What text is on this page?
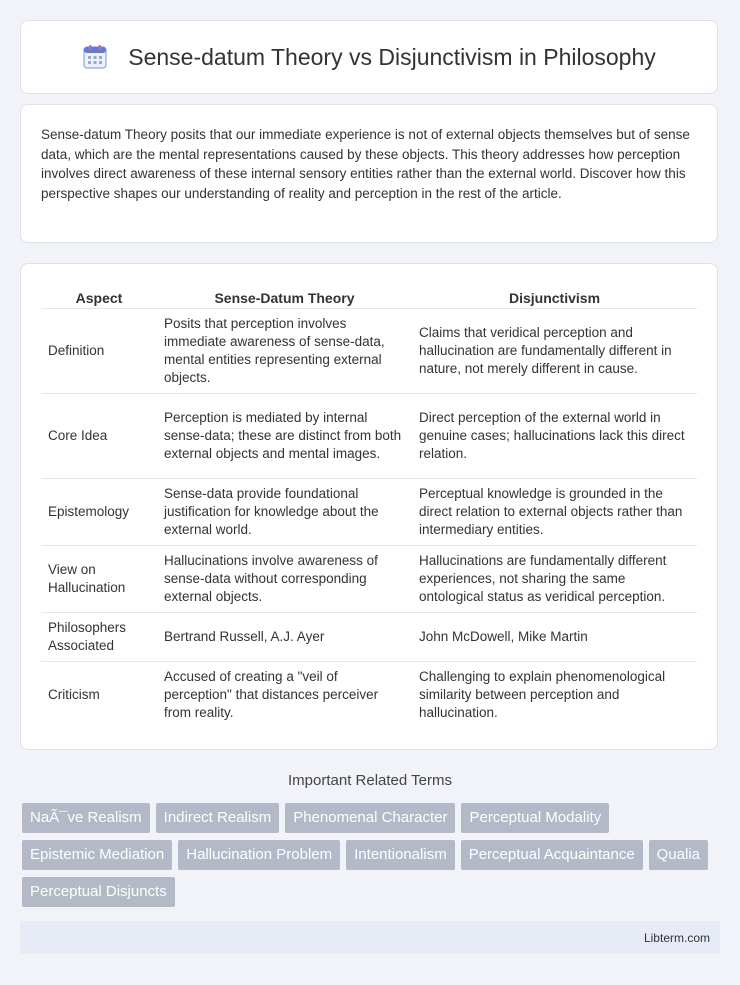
Sense-datum Theory vs Disjunctivism in Philosophy

Sense-datum Theory posits that our immediate experience is not of external objects themselves but of sense data, which are the mental representations caused by these objects. This theory addresses how perception involves direct awareness of these internal sensory entities rather than the external world. Discover how this perspective shapes our understanding of reality and perception in the rest of the article.

Aspect	Sense-Datum Theory	Disjunctivism
Definition	Posits that perception involves immediate awareness of sense-data, mental entities representing external objects.	Claims that veridical perception and hallucination are fundamentally different in nature, not merely different in cause.
Core Idea	Perception is mediated by internal sense-data; these are distinct from both external objects and mental images.	Direct perception of the external world in genuine cases; hallucinations lack this direct relation.
Epistemology	Sense-data provide foundational justification for knowledge about the external world.	Perceptual knowledge is grounded in the direct relation to external objects rather than intermediary entities.
View on Hallucination	Hallucinations involve awareness of sense-data without corresponding external objects.	Hallucinations are fundamentally different experiences, not sharing the same ontological status as veridical perception.
Philosophers Associated	Bertrand Russell, A.J. Ayer	John McDowell, Mike Martin
Criticism	Accused of creating a "veil of perception" that distances perceiver from reality.	Challenging to explain phenomenological similarity between perception and hallucination.
Important Related Terms
NaÃ¯ve Realism	Indirect Realism	Phenomenal Character	Perceptual Modality
Epistemic Mediation	Hallucination Problem	Intentionalism	Perceptual Acquaintance	Qualia
Perceptual Disjuncts
Libterm.com
